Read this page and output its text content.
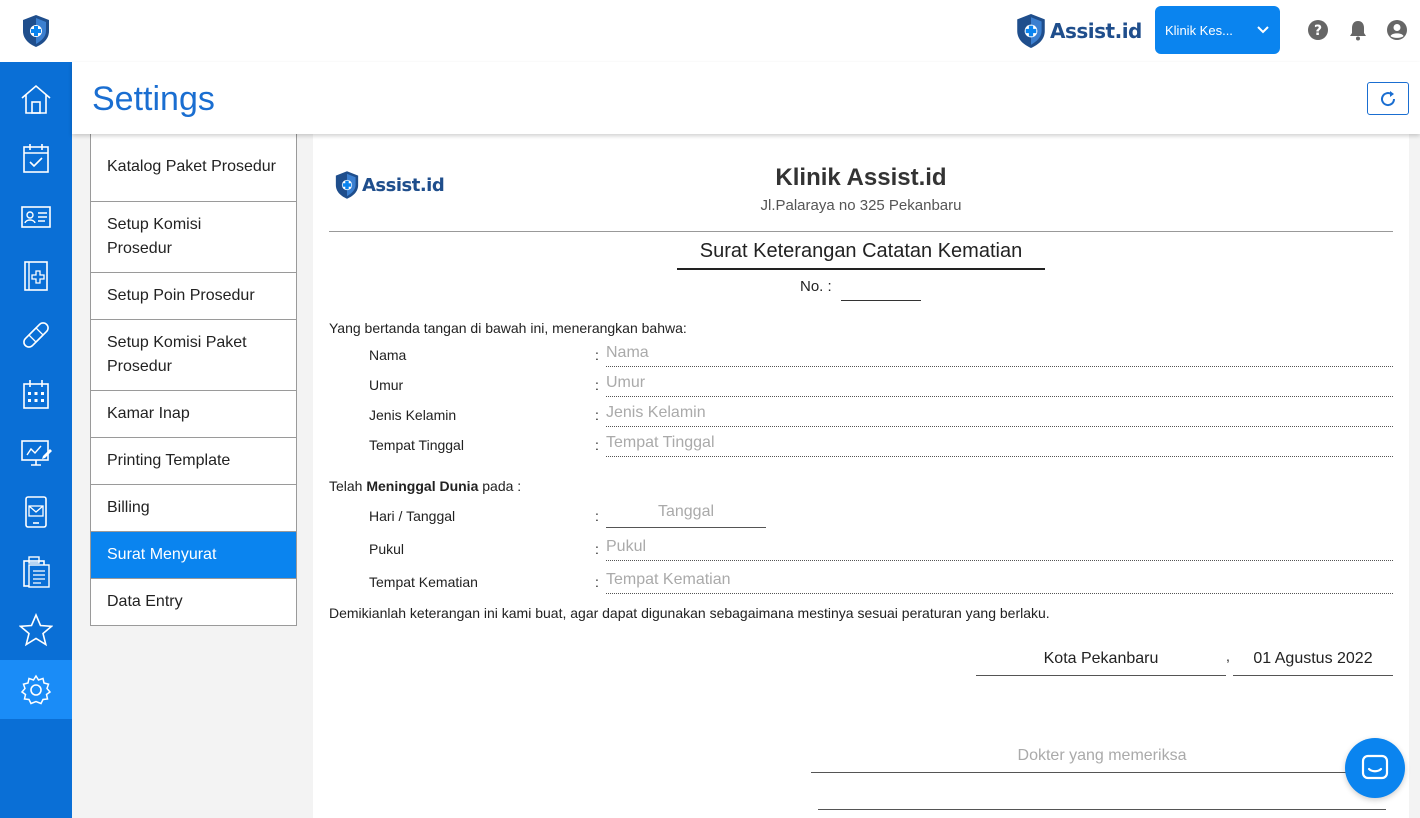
Assist.id Klinik Kes...	?
Settings
Katalog Paket Prosedur
Setup Komisi Prosedur
Setup Poin Prosedur
Setup Komisi Paket Prosedur
Kamar Inap
Printing Template
Billing
Surat Menyurat
Data Entry
Assist.id	Klinik Assist.id
Jl.Palaraya no 325 Pekanbaru
Surat Keterangan Catatan Kematian
No. :
Yang bertanda tangan di bawah ini, menerangkan bahwa:
Nama	: Nama
Umur	: Umur
Jenis Kelamin	: Jenis Kelamin
Tempat Tinggal	: Tempat Tinggal
Telah Meninggal Dunia pada :
Hari / Tanggal	:	Tanggal
Pukul	: Pukul
Tempat Kematian	: Tempat Kematian
Demikianlah keterangan ini kami buat, agar dapat digunakan sebagaimana mestinya sesuai peraturan yang berlaku.
Kota Pekanbaru	,	01 Agustus 2022
Dokter yang memeriksa
